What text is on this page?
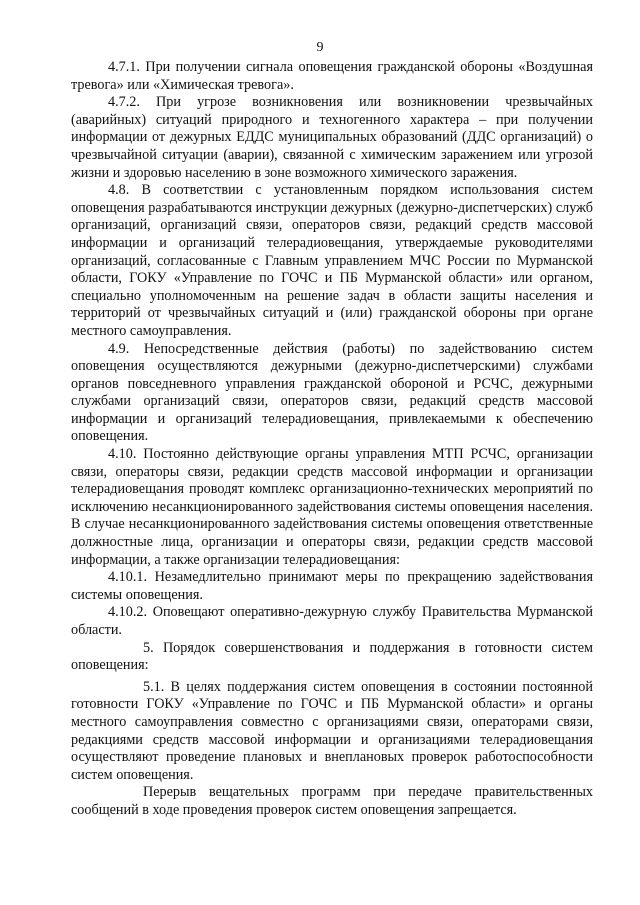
9

4.7.1. При получении сигнала оповещения гражданской обороны «Воздушная тревога» или «Химическая тревога».

4.7.2. При угрозе возникновения или возникновении чрезвычайных (аварийных) ситуаций природного и техногенного характера – при получении информации от дежурных ЕДДС муниципальных образований (ДДС организаций) о чрезвычайной ситуации (аварии), связанной с химическим заражением или угрозой жизни и здоровью населению в зоне возможного химического заражения.

4.8. В соответствии с установленным порядком использования систем оповещения разрабатываются инструкции дежурных (дежурно-диспетчерских) служб организаций, организаций связи, операторов связи, редакций средств массовой информации и организаций телерадиовещания, утверждаемые руководителями организаций, согласованные с Главным управлением МЧС России по Мурманской области, ГОКУ «Управление по ГОЧС и ПБ Мурманской области» или органом, специально уполномоченным на решение задач в области защиты населения и территорий от чрезвычайных ситуаций и (или) гражданской обороны при органе местного самоуправления.

4.9. Непосредственные действия (работы) по задействованию систем оповещения осуществляются дежурными (дежурно-диспетчерскими) службами органов повседневного управления гражданской обороной и РСЧС, дежурными службами организаций связи, операторов связи, редакций средств массовой информации и организаций телерадиовещания, привлекаемыми к обеспечению оповещения.

4.10. Постоянно действующие органы управления МТП РСЧС, организации связи, операторы связи, редакции средств массовой информации и организации телерадиовещания проводят комплекс организационно-технических мероприятий по исключению несанкционированного задействования системы оповещения населения. В случае несанкционированного задействования системы оповещения ответственные должностные лица, организации и операторы связи, редакции средств массовой информации, а также организации телерадиовещания:

4.10.1. Незамедлительно принимают меры по прекращению задействования системы оповещения.

4.10.2. Оповещают оперативно-дежурную службу Правительства Мурманской области.

5. Порядок совершенствования и поддержания в готовности систем оповещения:

5.1. В целях поддержания систем оповещения в состоянии постоянной готовности ГОКУ «Управление по ГОЧС и ПБ Мурманской области» и органы местного самоуправления совместно с организациями связи, операторами связи, редакциями средств массовой информации и организациями телерадиовещания осуществляют проведение плановых и внеплановых проверок работоспособности систем оповещения.

Перерыв вещательных программ при передаче правительственных сообщений в ходе проведения проверок систем оповещения запрещается.
